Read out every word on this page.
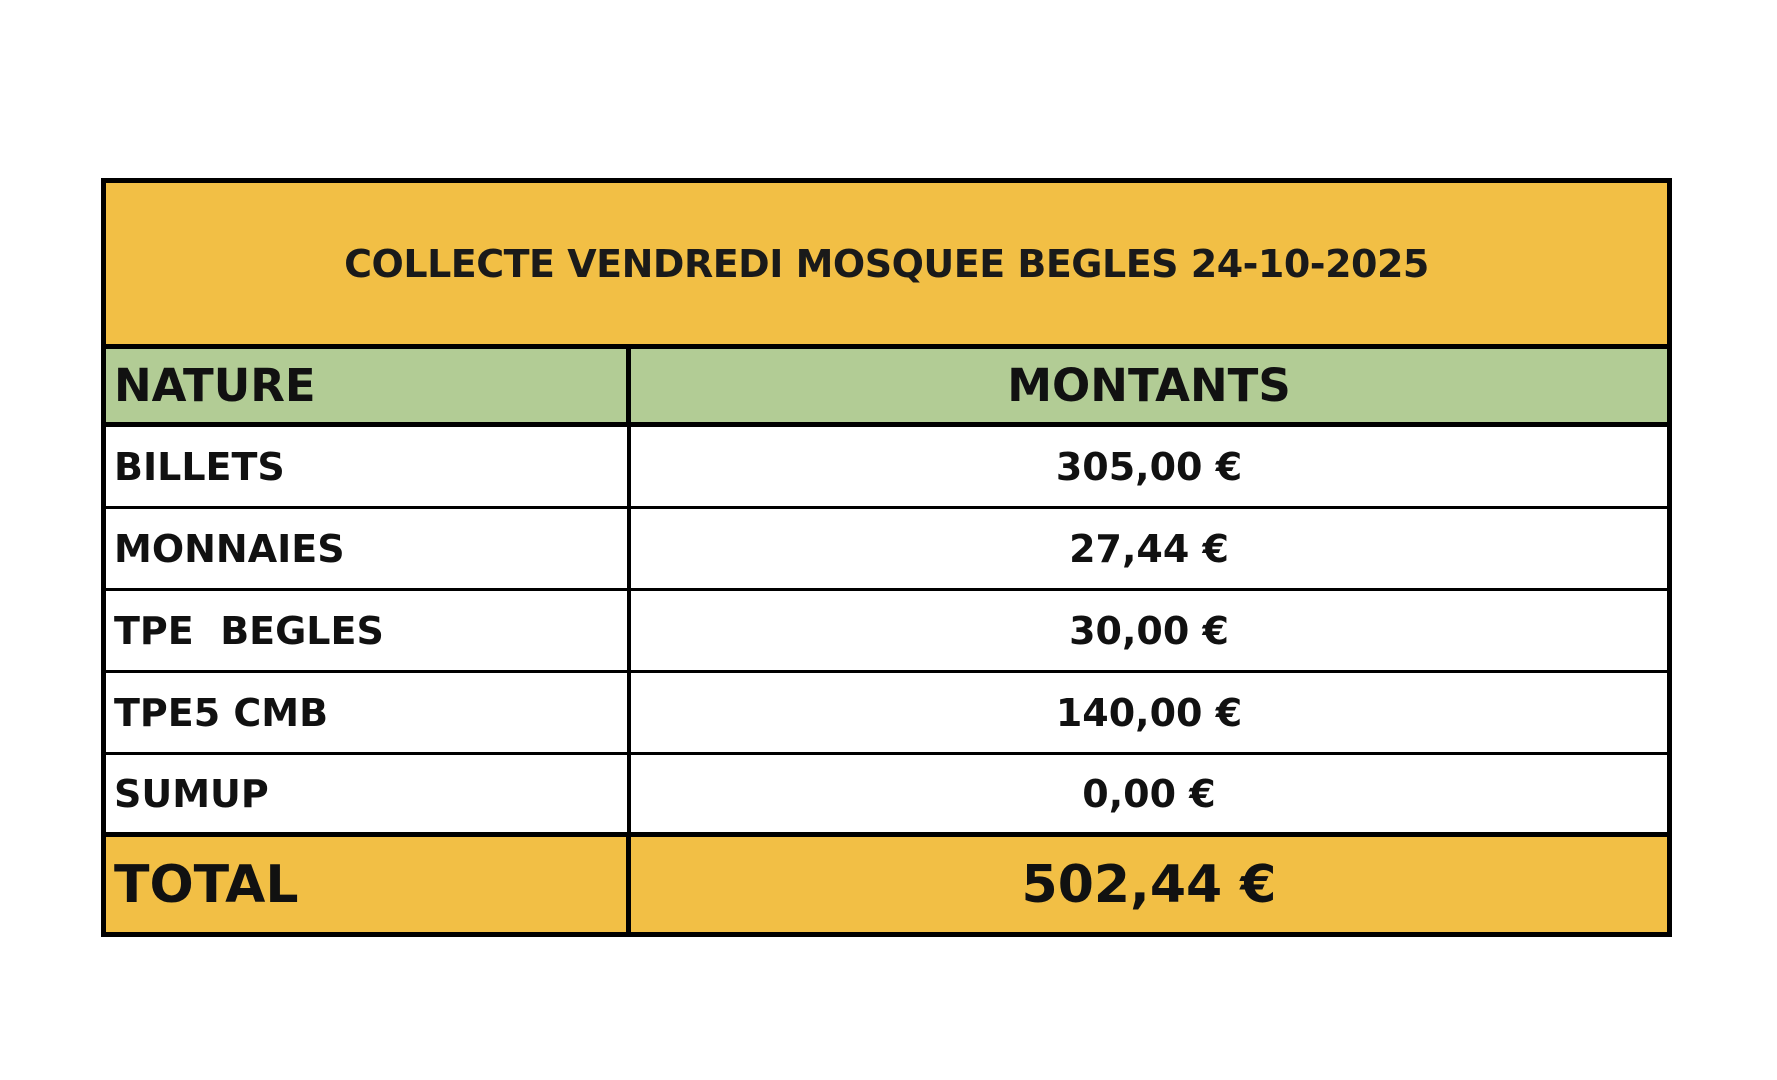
COLLECTE VENDREDI MOSQUEE BEGLES 24-10-2025
NATURE	MONTANTS
BILLETS	305,00 €
MONNAIES	27,44 €
TPE  BEGLES	30,00 €
TPE5 CMB	140,00 €
SUMUP	0,00 €
TOTAL	502,44 €
